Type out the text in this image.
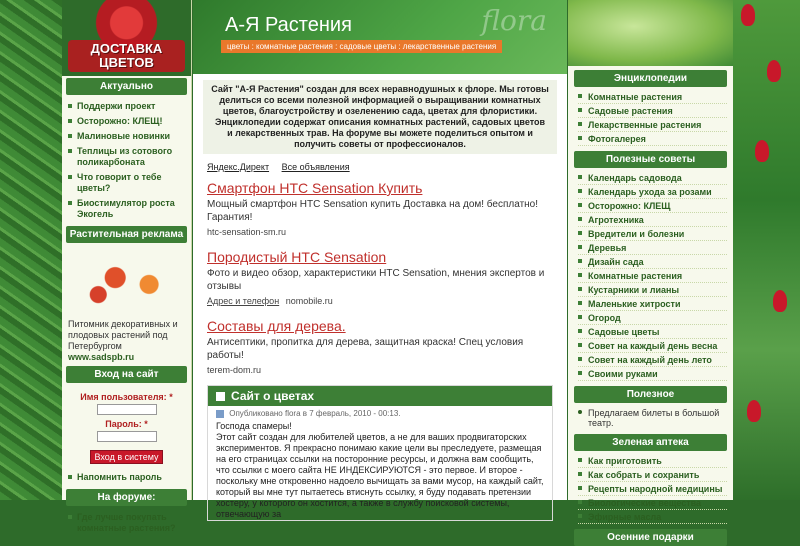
ДОСТАВКА ЦВЕТОВ
Актуально
Поддержи проект
Осторожно: КЛЕЩ!
Малиновые новинки
Теплицы из сотового поликарбоната
Что говорит о тебе цветы?
Биостимулятор роста Экогель
Растительная реклама
Питомник декоративных и плодовых растений под Петербургом
www.sadspb.ru
Вход на сайт
Имя пользователя: *
Пароль: *
Вход в систему
Напомнить пароль
На форуме:
Где лучше покупать комнатные растения?
А-Я Растения	flora
цветы : комнатные растения : садовые цветы : лекарственные растения
Сайт "А-Я Растения" создан для всех неравнодушных к флоре. Мы готовы делиться со всеми полезной информацией о выращивании комнатных цветов, благоустройству и озеленению сада, цветах для флористики. Энциклопедии содержат описания комнатных растений, садовых цветов и лекарственных трав. На форуме вы можете поделиться опытом и получить советы от профессионалов.
Яндекс.Директ Все объявления
Смартфон HTC Sensation Купить
Мощный смартфон HTC Sensation купить Доставка на дом! бесплатно! Гарантия!
htc-sensation-sm.ru
Породистый HTC Sensation
Фото и видео обзор, характеристики HTC Sensation, мнения экспертов и отзывы
Адрес и телефон nomobile.ru
Составы для дерева.
Антисептики, пропитка для дерева, защитная краска! Спец условия работы!
terem-dom.ru
Сайт о цветах
Опубликовано flora в 7 февраль, 2010 - 00:13.
Господа спамеры!
Этот сайт создан для любителей цветов, а не для ваших продвигаторских экспериментов. Я прекрасно понимаю какие цели вы преследуете, размещая на его страницах ссылки на посторонние ресурсы, и должна вам сообщить, что ссылки с моего сайта НЕ ИНДЕКСИРУЮТСЯ - это первое. И второе - поскольку мне откровенно надоело вычищать за вами мусор, на каждый сайт, который вы мне тут пытаетесь втиснуть ссылку, я буду подавать претензии хостеру, у которого он хостится, а также в службу поисковой системы, отвечающую за
Энциклопедии
Комнатные растения
Садовые растения
Лекарственные растения
Фотогалерея
Полезные советы
Календарь садовода
Календарь ухода за розами
Осторожно: КЛЕЩ
Агротехника
Вредители и болезни
Деревья
Дизайн сада
Комнатные растения
Кустарники и лианы
Маленькие хитрости
Огород
Садовые цветы
Совет на каждый день весна
Совет на каждый день лето
Своими руками
Полезное
Предлагаем билеты в большой театр.
Зеленая аптека
Как приготовить
Как собрать и сохранить
Рецепты народной медицины
Биологические вещества
Эфирные масла
Осенние подарки
